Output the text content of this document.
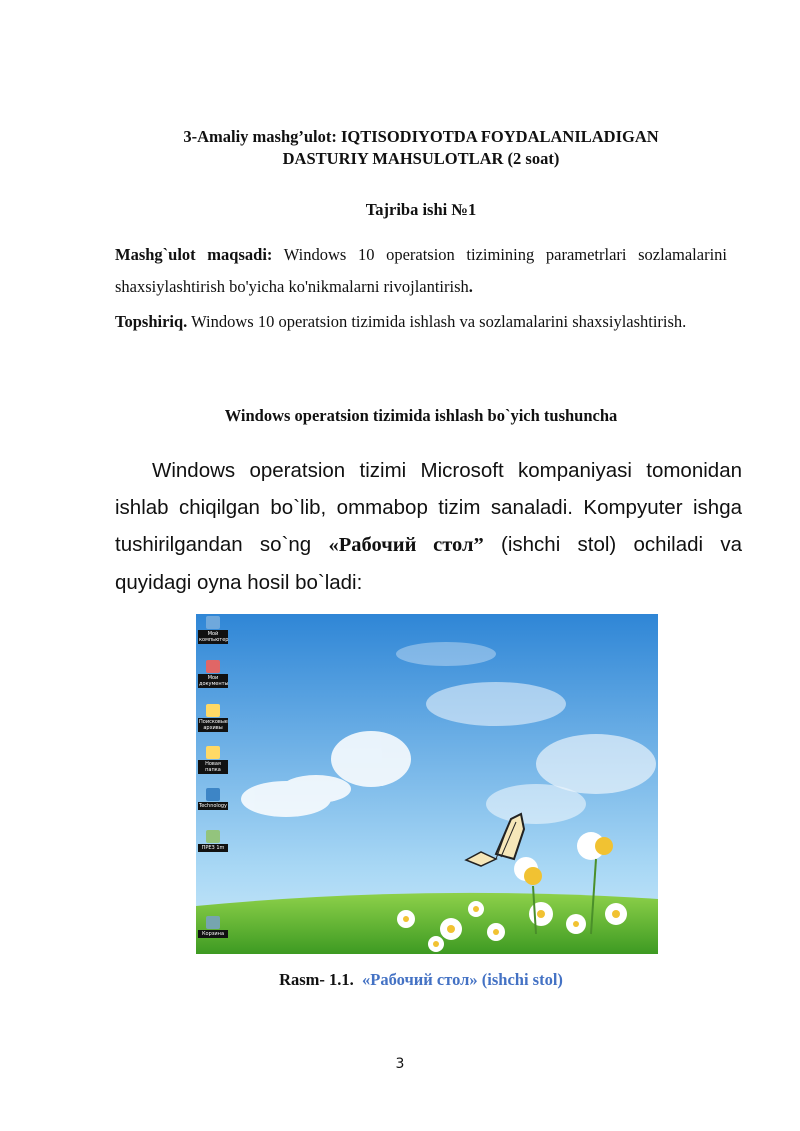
3-Amaliy mashg’ulot: IQTISODIYOTDA FOYDALANILADIGAN
DASTURIY MAHSULOTLAR (2 soat)
Tajriba ishi №1
Mashg`ulot maqsadi: Windows 10 operatsion tizimining parametrlari sozlamalarini shaxsiylashtirish bo'yicha ko'nikmalarni rivojlantirish.
Topshiriq. Windows 10 operatsion tizimida ishlash va sozlamalarini shaxsiylashtirish.
Windows operatsion tizimida ishlash bo`yich tushuncha
Windows operatsion tizimi Microsoft kompaniyasi tomonidan ishlab chiqilgan bo`lib, ommabop tizim sanaladi. Kompyuter ishga tushirilgandan so`ng «Рабочий стол” (ishchi stol) ochiladi va quyidagi oyna hosil bo`ladi:
Мой компьютер
Мои документы
Поисковые архивы
Новая папка
Technology
ПРЕЗ 1m
Корзина
Rasm- 1.1. «Рабочий стол» (ishchi stol)
3
